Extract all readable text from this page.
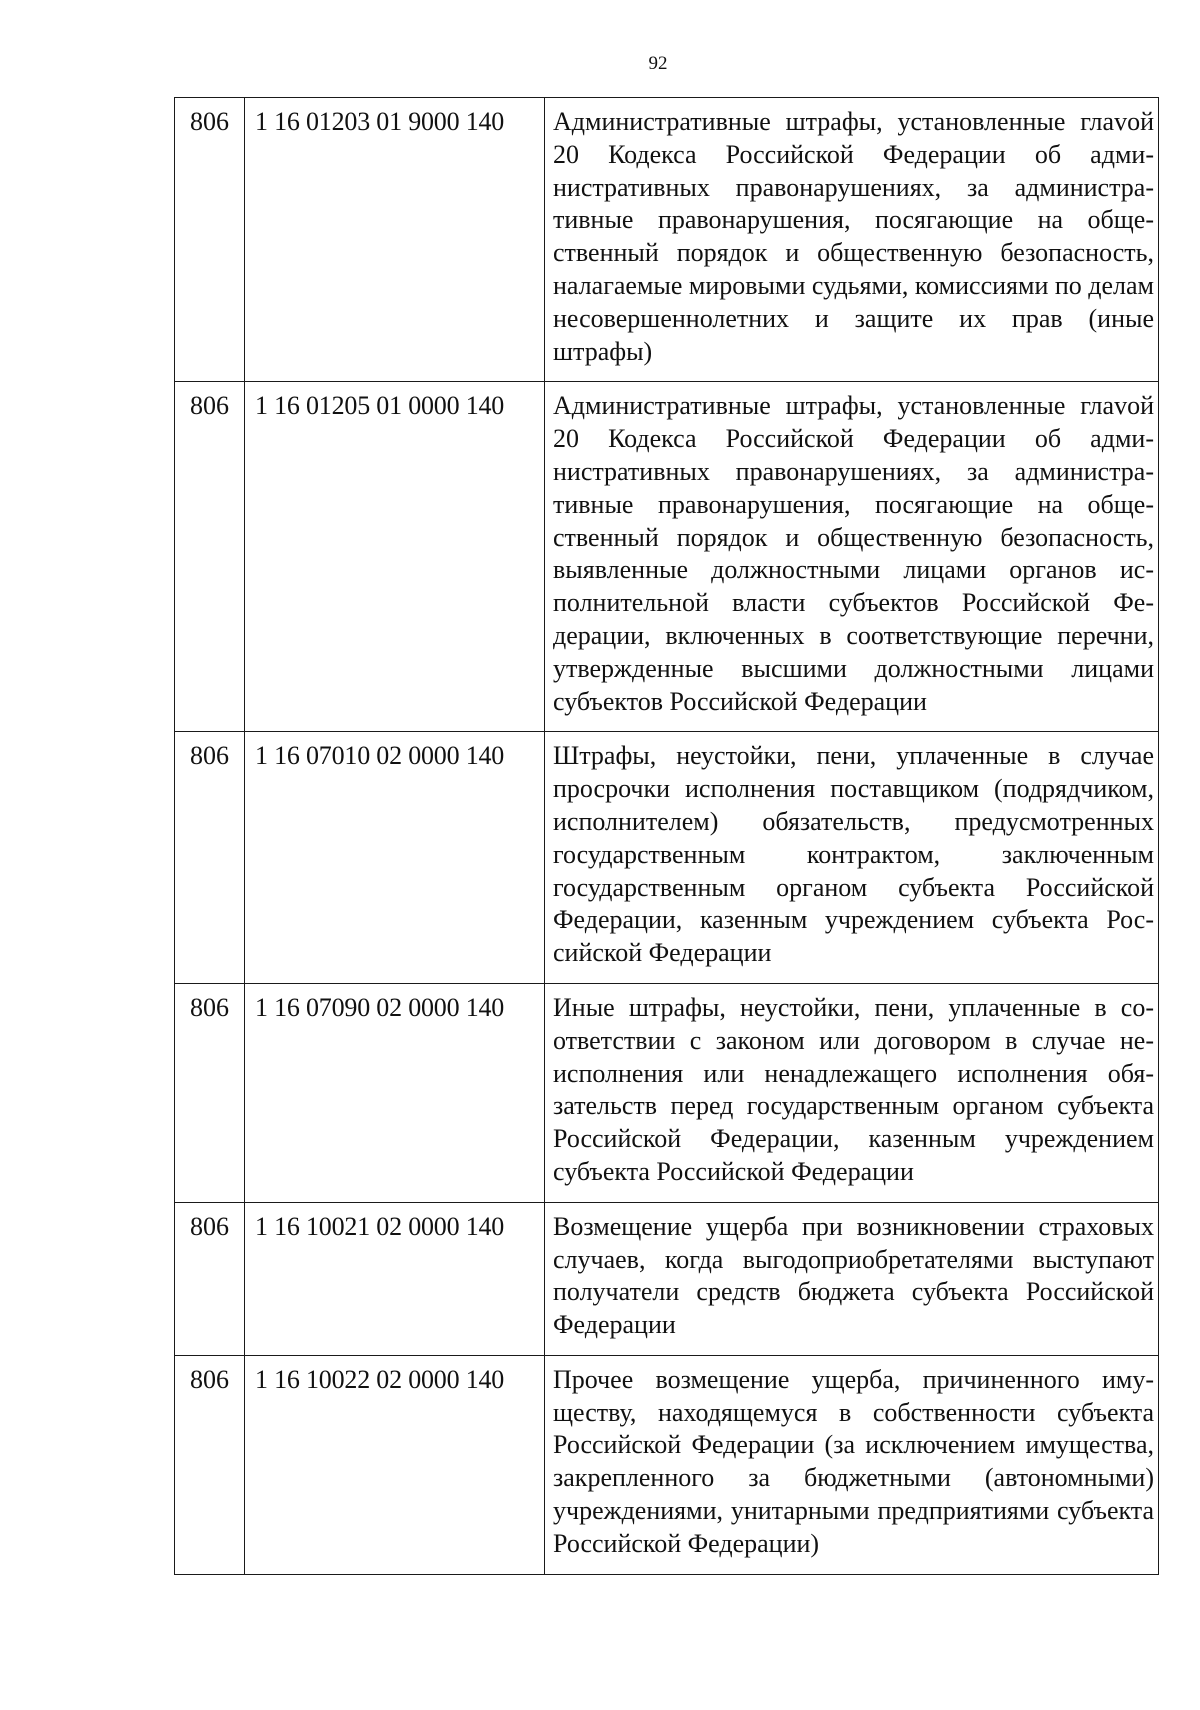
92
806	1 16 01203 01 9000 140	Административные штрафы, установленные глаvой 20 Кодекса Российской Федерации об административных правонарушениях, за административные правонарушения, посягающие на общественный порядок и общественную безопасность, налагаемые мировыми судьями, комиссиями по делам несовершеннолетних и защите их прав (иные штрафы)
806	1 16 01205 01 0000 140	Административные штрафы, установленные глаvой 20 Кодекса Российской Федерации об административных правонарушениях, за административные правонарушения, посягающие на общественный порядок и общественную безопасность, выявленные должностными лицами органов исполнительной власти субъектов Российской Федерации, включенных в соответствующие перечни, утвержденные высшими должностными лицами субъектов Российской Федерации
806	1 16 07010 02 0000 140	Штрафы, неустойки, пени, уплаченные в случае просрочки исполнения поставщиком (подрядчиком, исполнителем) обязательств, предусмотренных государственным контрактом, заключенным государственным органом субъекта Российской Федерации, казенным учреждением субъекта Российской Федерации
806	1 16 07090 02 0000 140	Иные штрафы, неустойки, пени, уплаченные в соответствии с законом или договором в случае неисполнения или ненадлежащего исполнения обязательств перед государственным органом субъекта Российской Федерации, казенным учреждением субъекта Российской Федерации
806	1 16 10021 02 0000 140	Возмещение ущерба при возникновении страховых случаев, когда выгодоприобретателями выступают получатели средств бюджета субъекта Российской Федерации
806	1 16 10022 02 0000 140	Прочее возмещение ущерба, причиненного имуществу, находящемуся в собственности субъекта Российской Федерации (за исключением имущества, закрепленного за бюджетными (автономными) учреждениями, унитарными предприятиями субъекта Российской Федерации)
